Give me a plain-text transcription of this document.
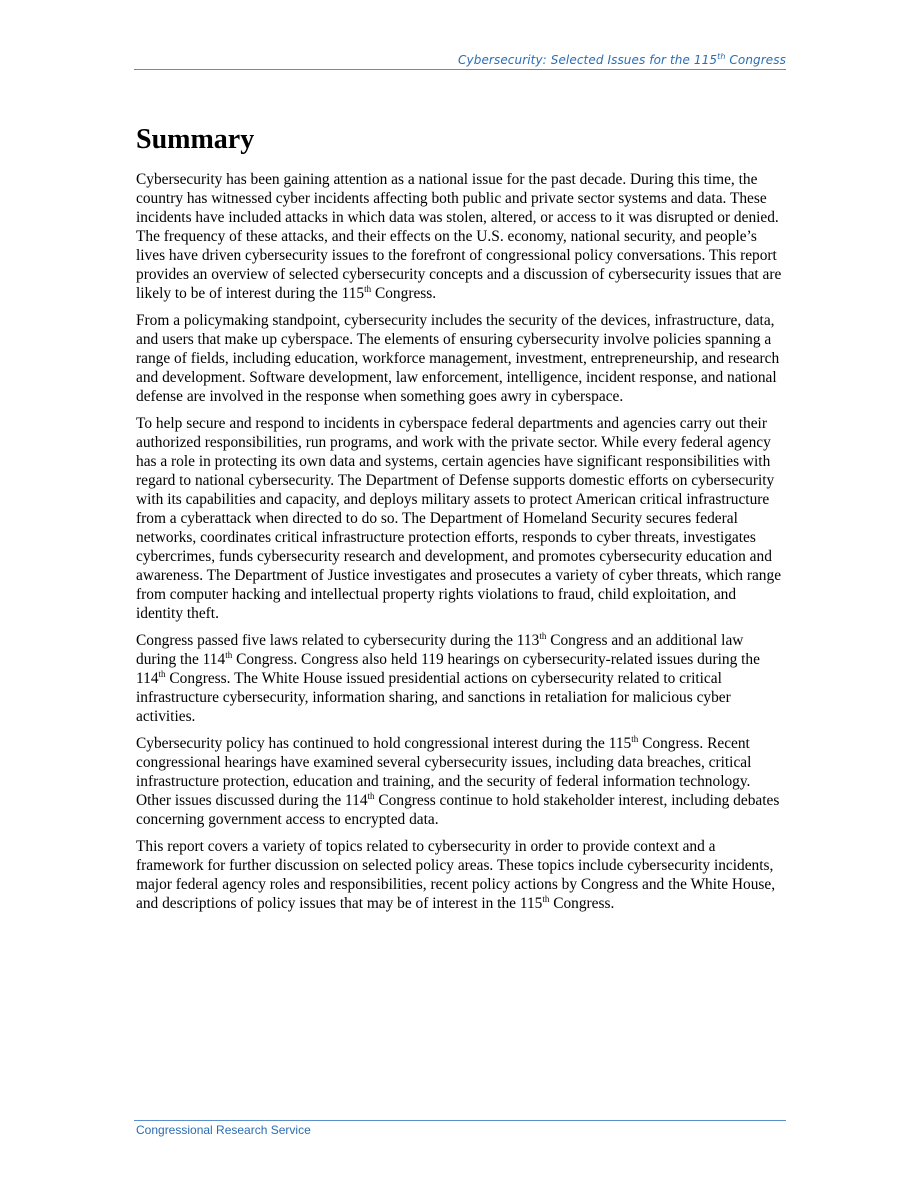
Cybersecurity: Selected Issues for the 115th Congress
Summary

Cybersecurity has been gaining attention as a national issue for the past decade. During this time, the country has witnessed cyber incidents affecting both public and private sector systems and data. These incidents have included attacks in which data was stolen, altered, or access to it was disrupted or denied. The frequency of these attacks, and their effects on the U.S. economy, national security, and people’s lives have driven cybersecurity issues to the forefront of congressional policy conversations. This report provides an overview of selected cybersecurity concepts and a discussion of cybersecurity issues that are likely to be of interest during the 115th Congress.

From a policymaking standpoint, cybersecurity includes the security of the devices, infrastructure, data, and users that make up cyberspace. The elements of ensuring cybersecurity involve policies spanning a range of fields, including education, workforce management, investment, entrepreneurship, and research and development. Software development, law enforcement, intelligence, incident response, and national defense are involved in the response when something goes awry in cyberspace.

To help secure and respond to incidents in cyberspace federal departments and agencies carry out their authorized responsibilities, run programs, and work with the private sector. While every federal agency has a role in protecting its own data and systems, certain agencies have significant responsibilities with regard to national cybersecurity. The Department of Defense supports domestic efforts on cybersecurity with its capabilities and capacity, and deploys military assets to protect American critical infrastructure from a cyberattack when directed to do so. The Department of Homeland Security secures federal networks, coordinates critical infrastructure protection efforts, responds to cyber threats, investigates cybercrimes, funds cybersecurity research and development, and promotes cybersecurity education and awareness. The Department of Justice investigates and prosecutes a variety of cyber threats, which range from computer hacking and intellectual property rights violations to fraud, child exploitation, and identity theft.

Congress passed five laws related to cybersecurity during the 113th Congress and an additional law during the 114th Congress. Congress also held 119 hearings on cybersecurity-related issues during the 114th Congress. The White House issued presidential actions on cybersecurity related to critical infrastructure cybersecurity, information sharing, and sanctions in retaliation for malicious cyber activities.

Cybersecurity policy has continued to hold congressional interest during the 115th Congress. Recent congressional hearings have examined several cybersecurity issues, including data breaches, critical infrastructure protection, education and training, and the security of federal information technology. Other issues discussed during the 114th Congress continue to hold stakeholder interest, including debates concerning government access to encrypted data.

This report covers a variety of topics related to cybersecurity in order to provide context and a framework for further discussion on selected policy areas. These topics include cybersecurity incidents, major federal agency roles and responsibilities, recent policy actions by Congress and the White House, and descriptions of policy issues that may be of interest in the 115th Congress.

Congressional Research Service
